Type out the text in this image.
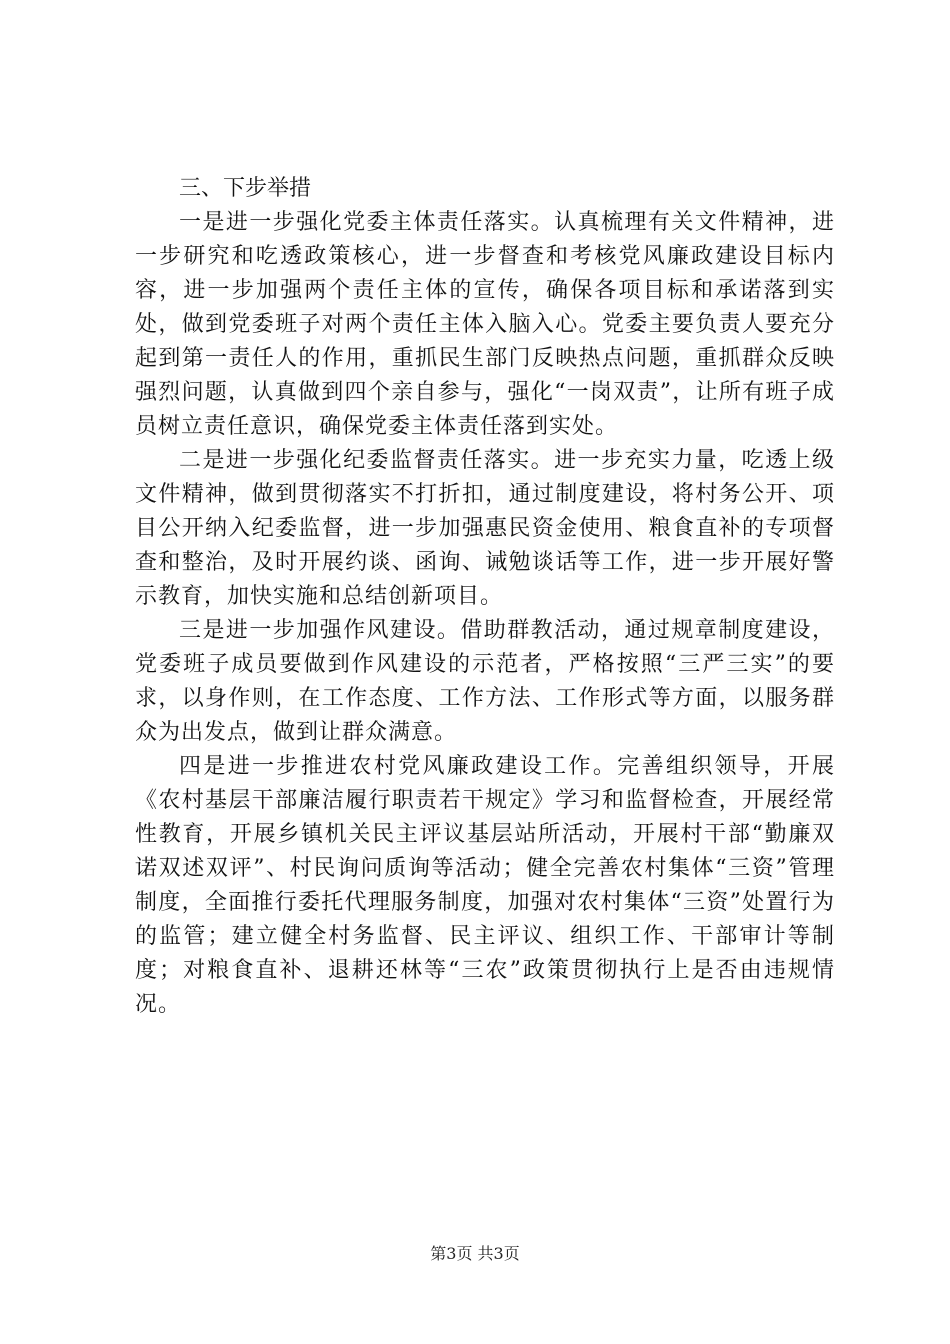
三、下步举措

一是进一步强化党委主体责任落实。认真梳理有关文件精神，进一步研究和吃透政策核心，进一步督查和考核党风廉政建设目标内容，进一步加强两个责任主体的宣传，确保各项目标和承诺落到实处，做到党委班子对两个责任主体入脑入心。党委主要负责人要充分起到第一责任人的作用，重抓民生部门反映热点问题，重抓群众反映强烈问题，认真做到四个亲自参与，强化“一岗双责”，让所有班子成员树立责任意识，确保党委主体责任落到实处。

二是进一步强化纪委监督责任落实。进一步充实力量，吃透上级文件精神，做到贯彻落实不打折扣，通过制度建设，将村务公开、项目公开纳入纪委监督，进一步加强惠民资金使用、粮食直补的专项督查和整治，及时开展约谈、函询、诫勉谈话等工作，进一步开展好警示教育，加快实施和总结创新项目。

三是进一步加强作风建设。借助群教活动，通过规章制度建设，党委班子成员要做到作风建设的示范者，严格按照“三严三实”的要求，以身作则，在工作态度、工作方法、工作形式等方面，以服务群众为出发点，做到让群众满意。

四是进一步推进农村党风廉政建设工作。完善组织领导，开展《农村基层干部廉洁履行职责若干规定》学习和监督检查，开展经常性教育，开展乡镇机关民主评议基层站所活动，开展村干部“勤廉双诺双述双评”、村民询问质询等活动；健全完善农村集体“三资”管理制度，全面推行委托代理服务制度，加强对农村集体“三资”处置行为的监管；建立健全村务监督、民主评议、组织工作、干部审计等制度；对粮食直补、退耕还林等“三农”政策贯彻执行上是否由违规情况。

第3页 共3页
